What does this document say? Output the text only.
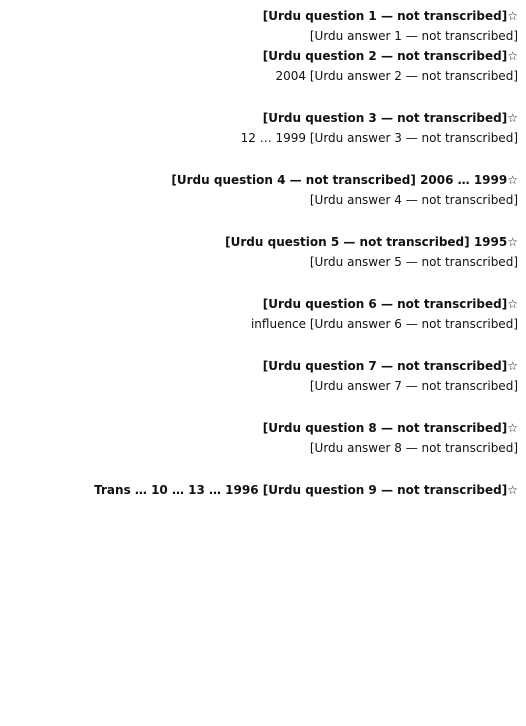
☆[Urdu question 1 — not transcribed]
[Urdu answer 1 — not transcribed]
☆[Urdu question 2 — not transcribed]
[Urdu answer 2 — not transcribed] 2004
☆[Urdu question 3 — not transcribed]
[Urdu answer 3 — not transcribed] 12 … 1999
☆1999 … 2006 [Urdu question 4 — not transcribed]
[Urdu answer 4 — not transcribed]
☆1995 [Urdu question 5 — not transcribed]
[Urdu answer 5 — not transcribed]
☆[Urdu question 6 — not transcribed]
[Urdu answer 6 — not transcribed] influence
☆[Urdu question 7 — not transcribed]
[Urdu answer 7 — not transcribed]
☆[Urdu question 8 — not transcribed]
[Urdu answer 8 — not transcribed]
☆Trans … 10 … 13 … 1996 [Urdu question 9 — not transcribed]
